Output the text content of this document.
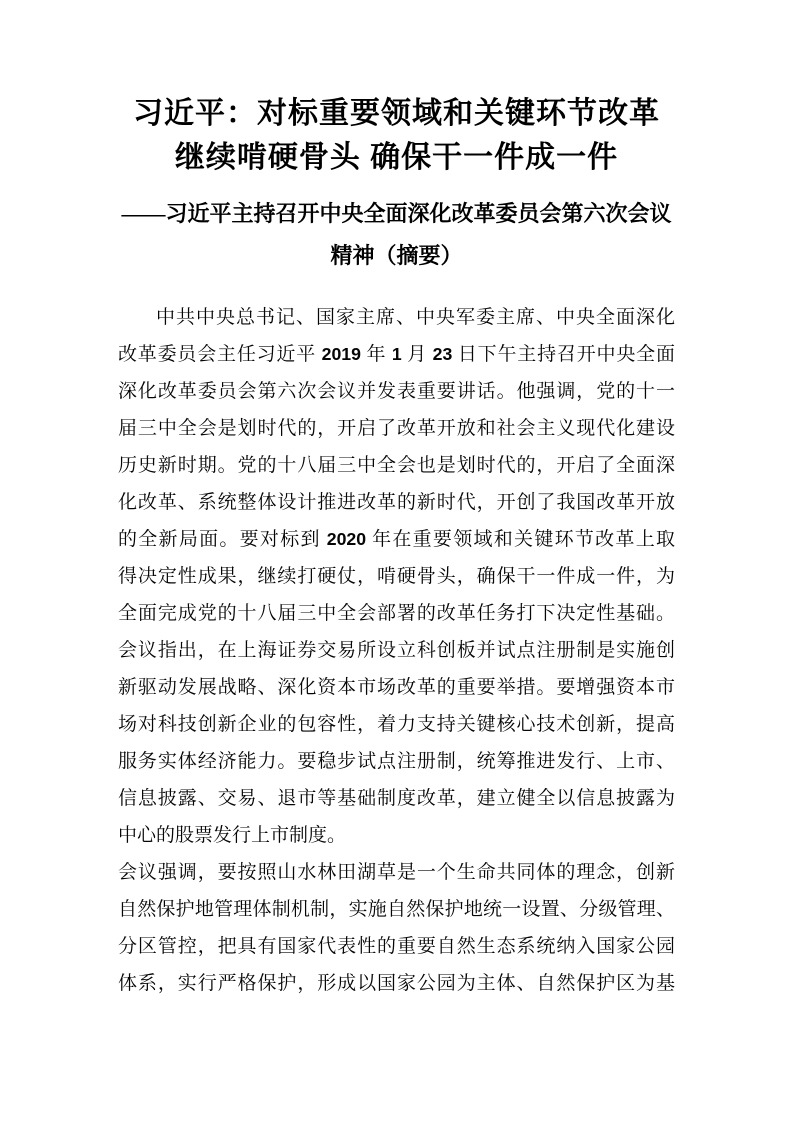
习近平：对标重要领域和关键环节改革
继续啃硬骨头 确保干一件成一件
——习近平主持召开中央全面深化改革委员会第六次会议
精神（摘要）
中共中央总书记、国家主席、中央军委主席、中央全面深化
改革委员会主任习近平 2019 年 1 月 23 日下午主持召开中央全面
深化改革委员会第六次会议并发表重要讲话。他强调，党的十一
届三中全会是划时代的，开启了改革开放和社会主义现代化建设
历史新时期。党的十八届三中全会也是划时代的，开启了全面深
化改革、系统整体设计推进改革的新时代，开创了我国改革开放
的全新局面。要对标到 2020 年在重要领域和关键环节改革上取
得决定性成果，继续打硬仗，啃硬骨头，确保干一件成一件，为
全面完成党的十八届三中全会部署的改革任务打下决定性基础。
会议指出，在上海证券交易所设立科创板并试点注册制是实施创
新驱动发展战略、深化资本市场改革的重要举措。要增强资本市
场对科技创新企业的包容性，着力支持关键核心技术创新，提高
服务实体经济能力。要稳步试点注册制，统筹推进发行、上市、
信息披露、交易、退市等基础制度改革，建立健全以信息披露为
中心的股票发行上市制度。
会议强调，要按照山水林田湖草是一个生命共同体的理念，创新
自然保护地管理体制机制，实施自然保护地统一设置、分级管理、
分区管控，把具有国家代表性的重要自然生态系统纳入国家公园
体系，实行严格保护，形成以国家公园为主体、自然保护区为基
